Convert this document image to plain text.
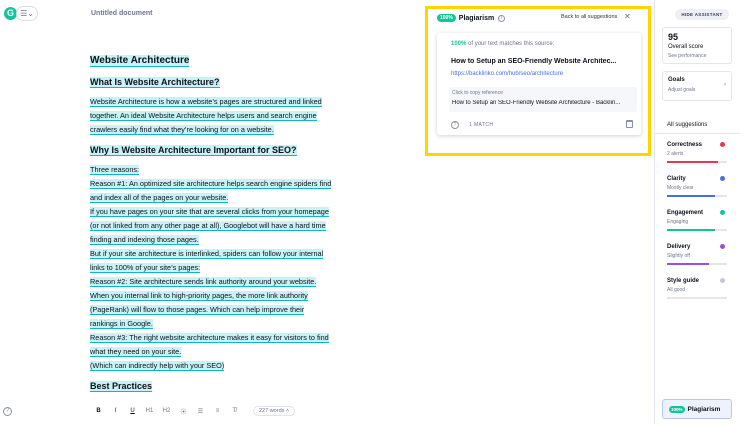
G ☰⌄	Untitled document
Website Architecture
What Is Website Architecture?

Website Architecture is how a website’s pages are structured and linked
together. An ideal Website Architecture helps users and search engine
crawlers easily find what they’re looking for on a website.

Why Is Website Architecture Important for SEO?

Three reasons:
Reason #1: An optimized site architecture helps search engine spiders find
and index all of the pages on your website.
If you have pages on your site that are several clicks from your homepage
(or not linked from any other page at all), Googlebot will have a hard time
finding and indexing those pages.
But if your site architecture is interlinked, spiders can follow your internal
links to 100% of your site’s pages:
Reason #2: Site architecture sends link authority around your website.
When you internal link to high-priority pages, the more link authority
(PageRank) will flow to those pages. Which can help improve their
rankings in Google.
Reason #3: The right website architecture makes it easy for visitors to find
what they need on your site.
(Which can indirectly help with your SEO)

Best Practices
?	B	I	U	H1	H2	⦿	☰	≡	T̸	227 words ˄
100% Plagiarism	i	Back to all suggestions ✕
100% of your text matches this source:
How to Setup an SEO-Friendly Website Architec...
https://backlinko.com/hub/seo/architecture
Click to copy reference
How to Setup an SEO-Friendly Website Architecture - Backlin...
?	1 MATCH
HIDE ASSISTANT
95
Overall score
See performance
Goals
Adjust goals
›
All suggestions
Correctness
2 alerts
Clarity
Mostly clear
Engagement
Engaging
Delivery
Slightly off
Style guide
All good
100% Plagiarism
